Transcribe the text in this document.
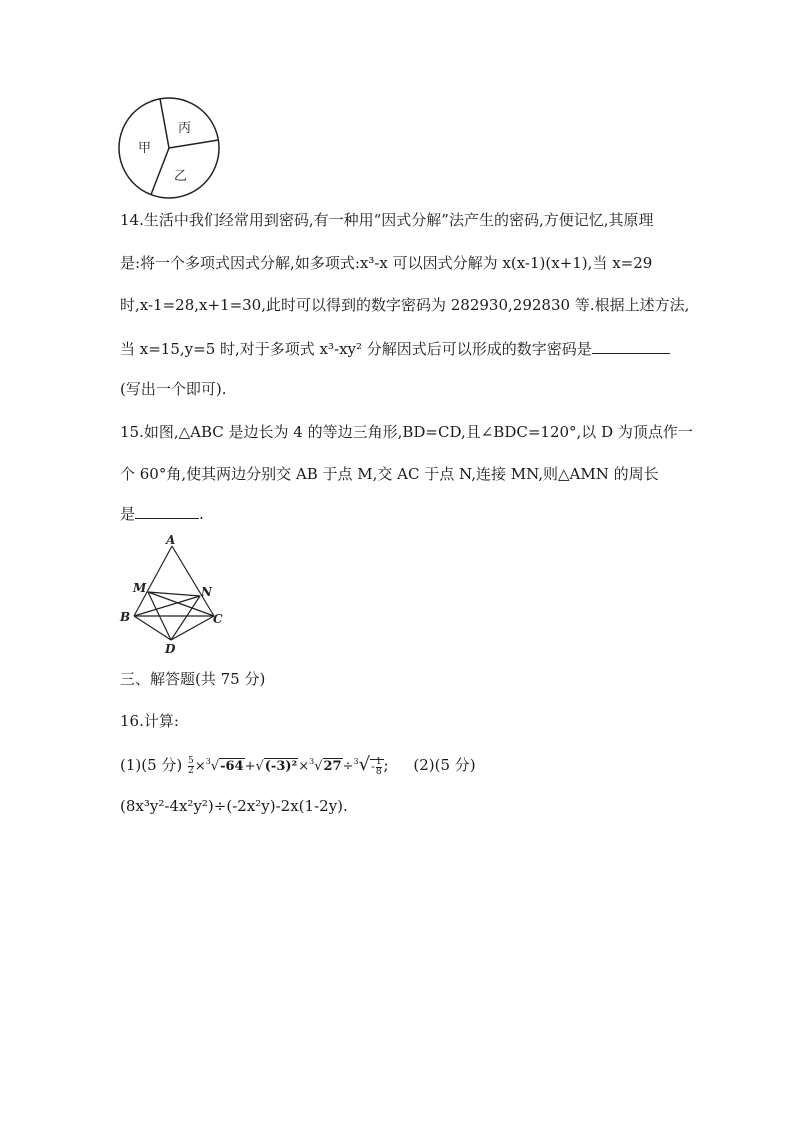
甲
丙
乙
14.生活中我们经常用到密码,有一种用“因式分解”法产生的密码,方便记忆,其原理
是:将一个多项式因式分解,如多项式:x³-x 可以因式分解为 x(x-1)(x+1),当 x=29
时,x-1=28,x+1=30,此时可以得到的数字密码为 282930,292830 等.根据上述方法,
当 x=15,y=5 时,对于多项式 x³-xy² 分解因式后可以形成的数字密码是
(写出一个即可).
15.如图,△ABC 是边长为 4 的等边三角形,BD=CD,且∠BDC=120°,以 D 为顶点作一
个 60°角,使其两边分别交 AB 于点 M,交 AC 于点 N,连接 MN,则△AMN 的周长
是	.
A
M	N
B	C
D
三、解答题(共 75 分)
16.计算:
(1)(5 分) $\frac{5}{2} \times^3√-64+√(-3)^2\times^3√27\div^3√- \frac{1}{8}$ ; (2)(5 分)
(8x³y²-4x²y²)÷(-2x²y)-2x(1-2y).
